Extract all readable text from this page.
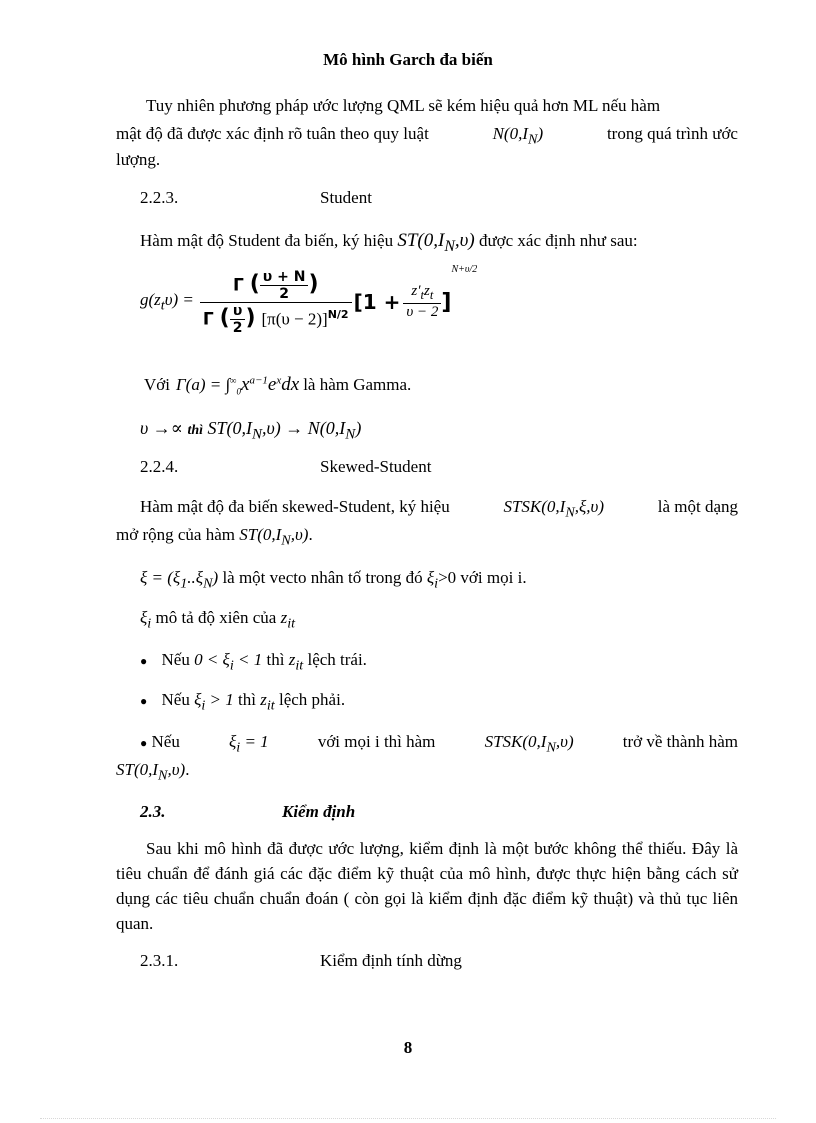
Mô hình Garch đa biến
Tuy nhiên phương pháp ước lượng QML sẽ kém hiệu quả hơn ML nếu hàm
mật độ đã được xác định rõ tuân theo quy luật	$N(0,I_N)$	trong quá trình ước
lượng.
2.2.3.	Student
Hàm mật độ Student đa biến, ký hiệu $ST(0,I_N,\upsilon)$ được xác định như sau:
$g(z_t\upsilon) = \frac{\Gamma ( \frac{\upsilon + N}{2} )}{\Gamma ( \frac{\upsilon}{2} ) [\pi(\upsilon - 2)]^{N/2}} [1 + \frac{z'_tz_t}{\upsilon - 2}$ ]
N+υ/2
Với $\Gamma(a) = \int^\infty_0x^{a-1}e^xdx$ là hàm Gamma.
υ →∝ thì $ST(0,I_N,\upsilon) \to N(0,I_N)$
2.2.4.	Skewed-Student
Hàm mật độ đa biến skewed-Student, ký hiệu	$STSK(0,I_N,\xi,\upsilon)$	là một dạng
mở rộng của hàm $ST(0,I_N,\upsilon)$.
$\xi = (\xi_1..\xi_N)$ là một vecto nhân tố trong đó $\xi_i>0$ với mọi i.
$\xi_i$ mô tả độ xiên của $z_{it}$
● Nếu $0 < \xi_i < 1$ thì $z_{it}$ lệch trái.
● Nếu $\xi_i > 1$ thì $z_{it}$ lệch phải.
● Nếu	$\xi_i = 1$	với mọi i thì hàm	$STSK(0,I_N,\upsilon)$	trở về thành hàm
$ST(0,I_N,\upsilon)$.
2.3.	Kiểm định
Sau khi mô hình đã được ước lượng, kiểm định là một bước không thể thiếu. Đây là tiêu chuẩn để đánh giá các đặc điểm kỹ thuật của mô hình, được thực hiện bằng cách sử dụng các tiêu chuẩn chuẩn đoán ( còn gọi là kiểm định đặc điểm kỹ thuật) và thủ tục liên quan.
2.3.1.	Kiểm định tính dừng
8
